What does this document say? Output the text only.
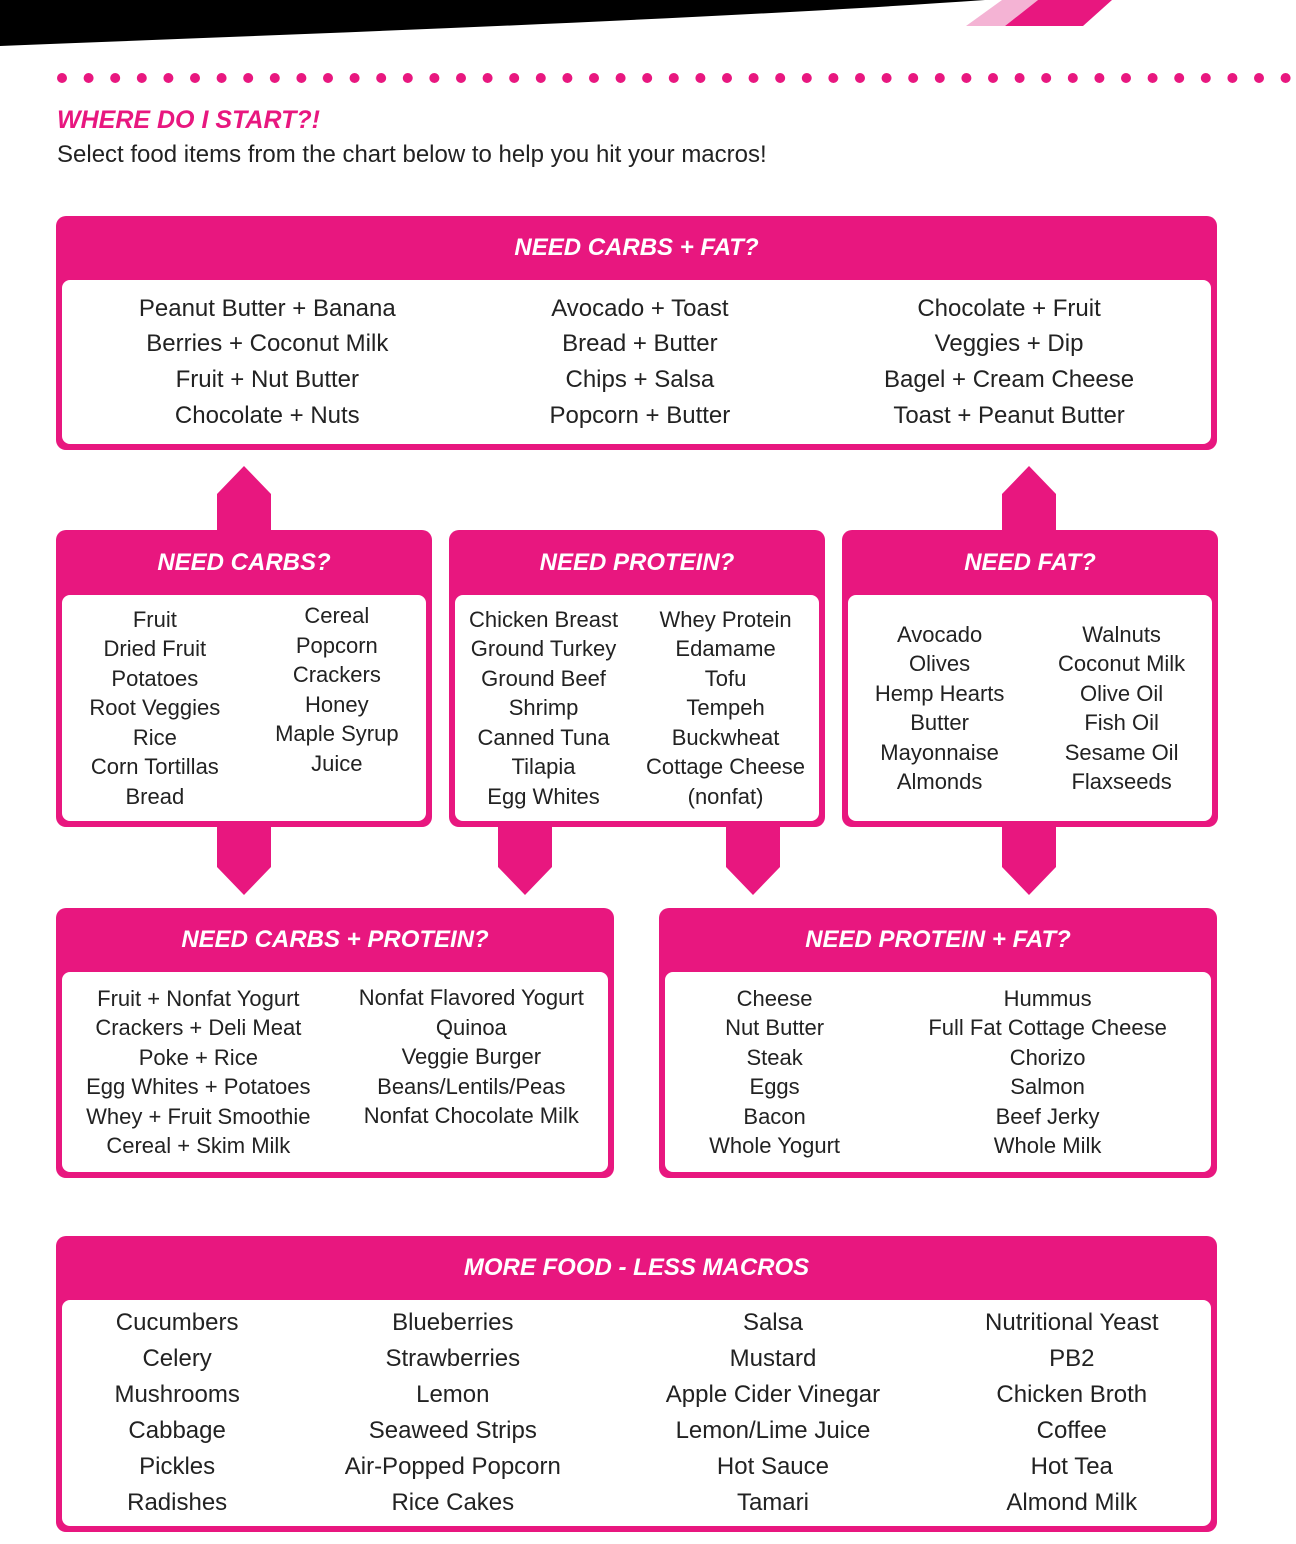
WHERE DO I START?!

Select food items from the chart below to help you hit your macros!

NEED CARBS + FAT?
Peanut Butter + Banana
Berries + Coconut Milk
Fruit + Nut Butter
Chocolate + Nuts
Avocado + Toast
Bread + Butter
Chips + Salsa
Popcorn + Butter
Chocolate + Fruit
Veggies + Dip
Bagel + Cream Cheese
Toast + Peanut Butter
NEED CARBS?
Fruit
Dried Fruit
Potatoes
Root Veggies
Rice
Corn Tortillas
Bread
Cereal
Popcorn
Crackers
Honey
Maple Syrup
Juice
NEED PROTEIN?
Chicken Breast
Ground Turkey
Ground Beef
Shrimp
Canned Tuna
Tilapia
Egg Whites
Whey Protein
Edamame
Tofu
Tempeh
Buckwheat
Cottage Cheese
(nonfat)
NEED FAT?
Avocado
Olives
Hemp Hearts
Butter
Mayonnaise
Almonds
Walnuts
Coconut Milk
Olive Oil
Fish Oil
Sesame Oil
Flaxseeds
NEED CARBS + PROTEIN?
Fruit + Nonfat Yogurt
Crackers + Deli Meat
Poke + Rice
Egg Whites + Potatoes
Whey + Fruit Smoothie
Cereal + Skim Milk
Nonfat Flavored Yogurt
Quinoa
Veggie Burger
Beans/Lentils/Peas
Nonfat Chocolate Milk
NEED PROTEIN + FAT?
Cheese
Nut Butter
Steak
Eggs
Bacon
Whole Yogurt
Hummus
Full Fat Cottage Cheese
Chorizo
Salmon
Beef Jerky
Whole Milk
MORE FOOD - LESS MACROS
Cucumbers
Celery
Mushrooms
Cabbage
Pickles
Radishes
Blueberries
Strawberries
Lemon
Seaweed Strips
Air-Popped Popcorn
Rice Cakes
Salsa
Mustard
Apple Cider Vinegar
Lemon/Lime Juice
Hot Sauce
Tamari
Nutritional Yeast
PB2
Chicken Broth
Coffee
Hot Tea
Almond Milk
